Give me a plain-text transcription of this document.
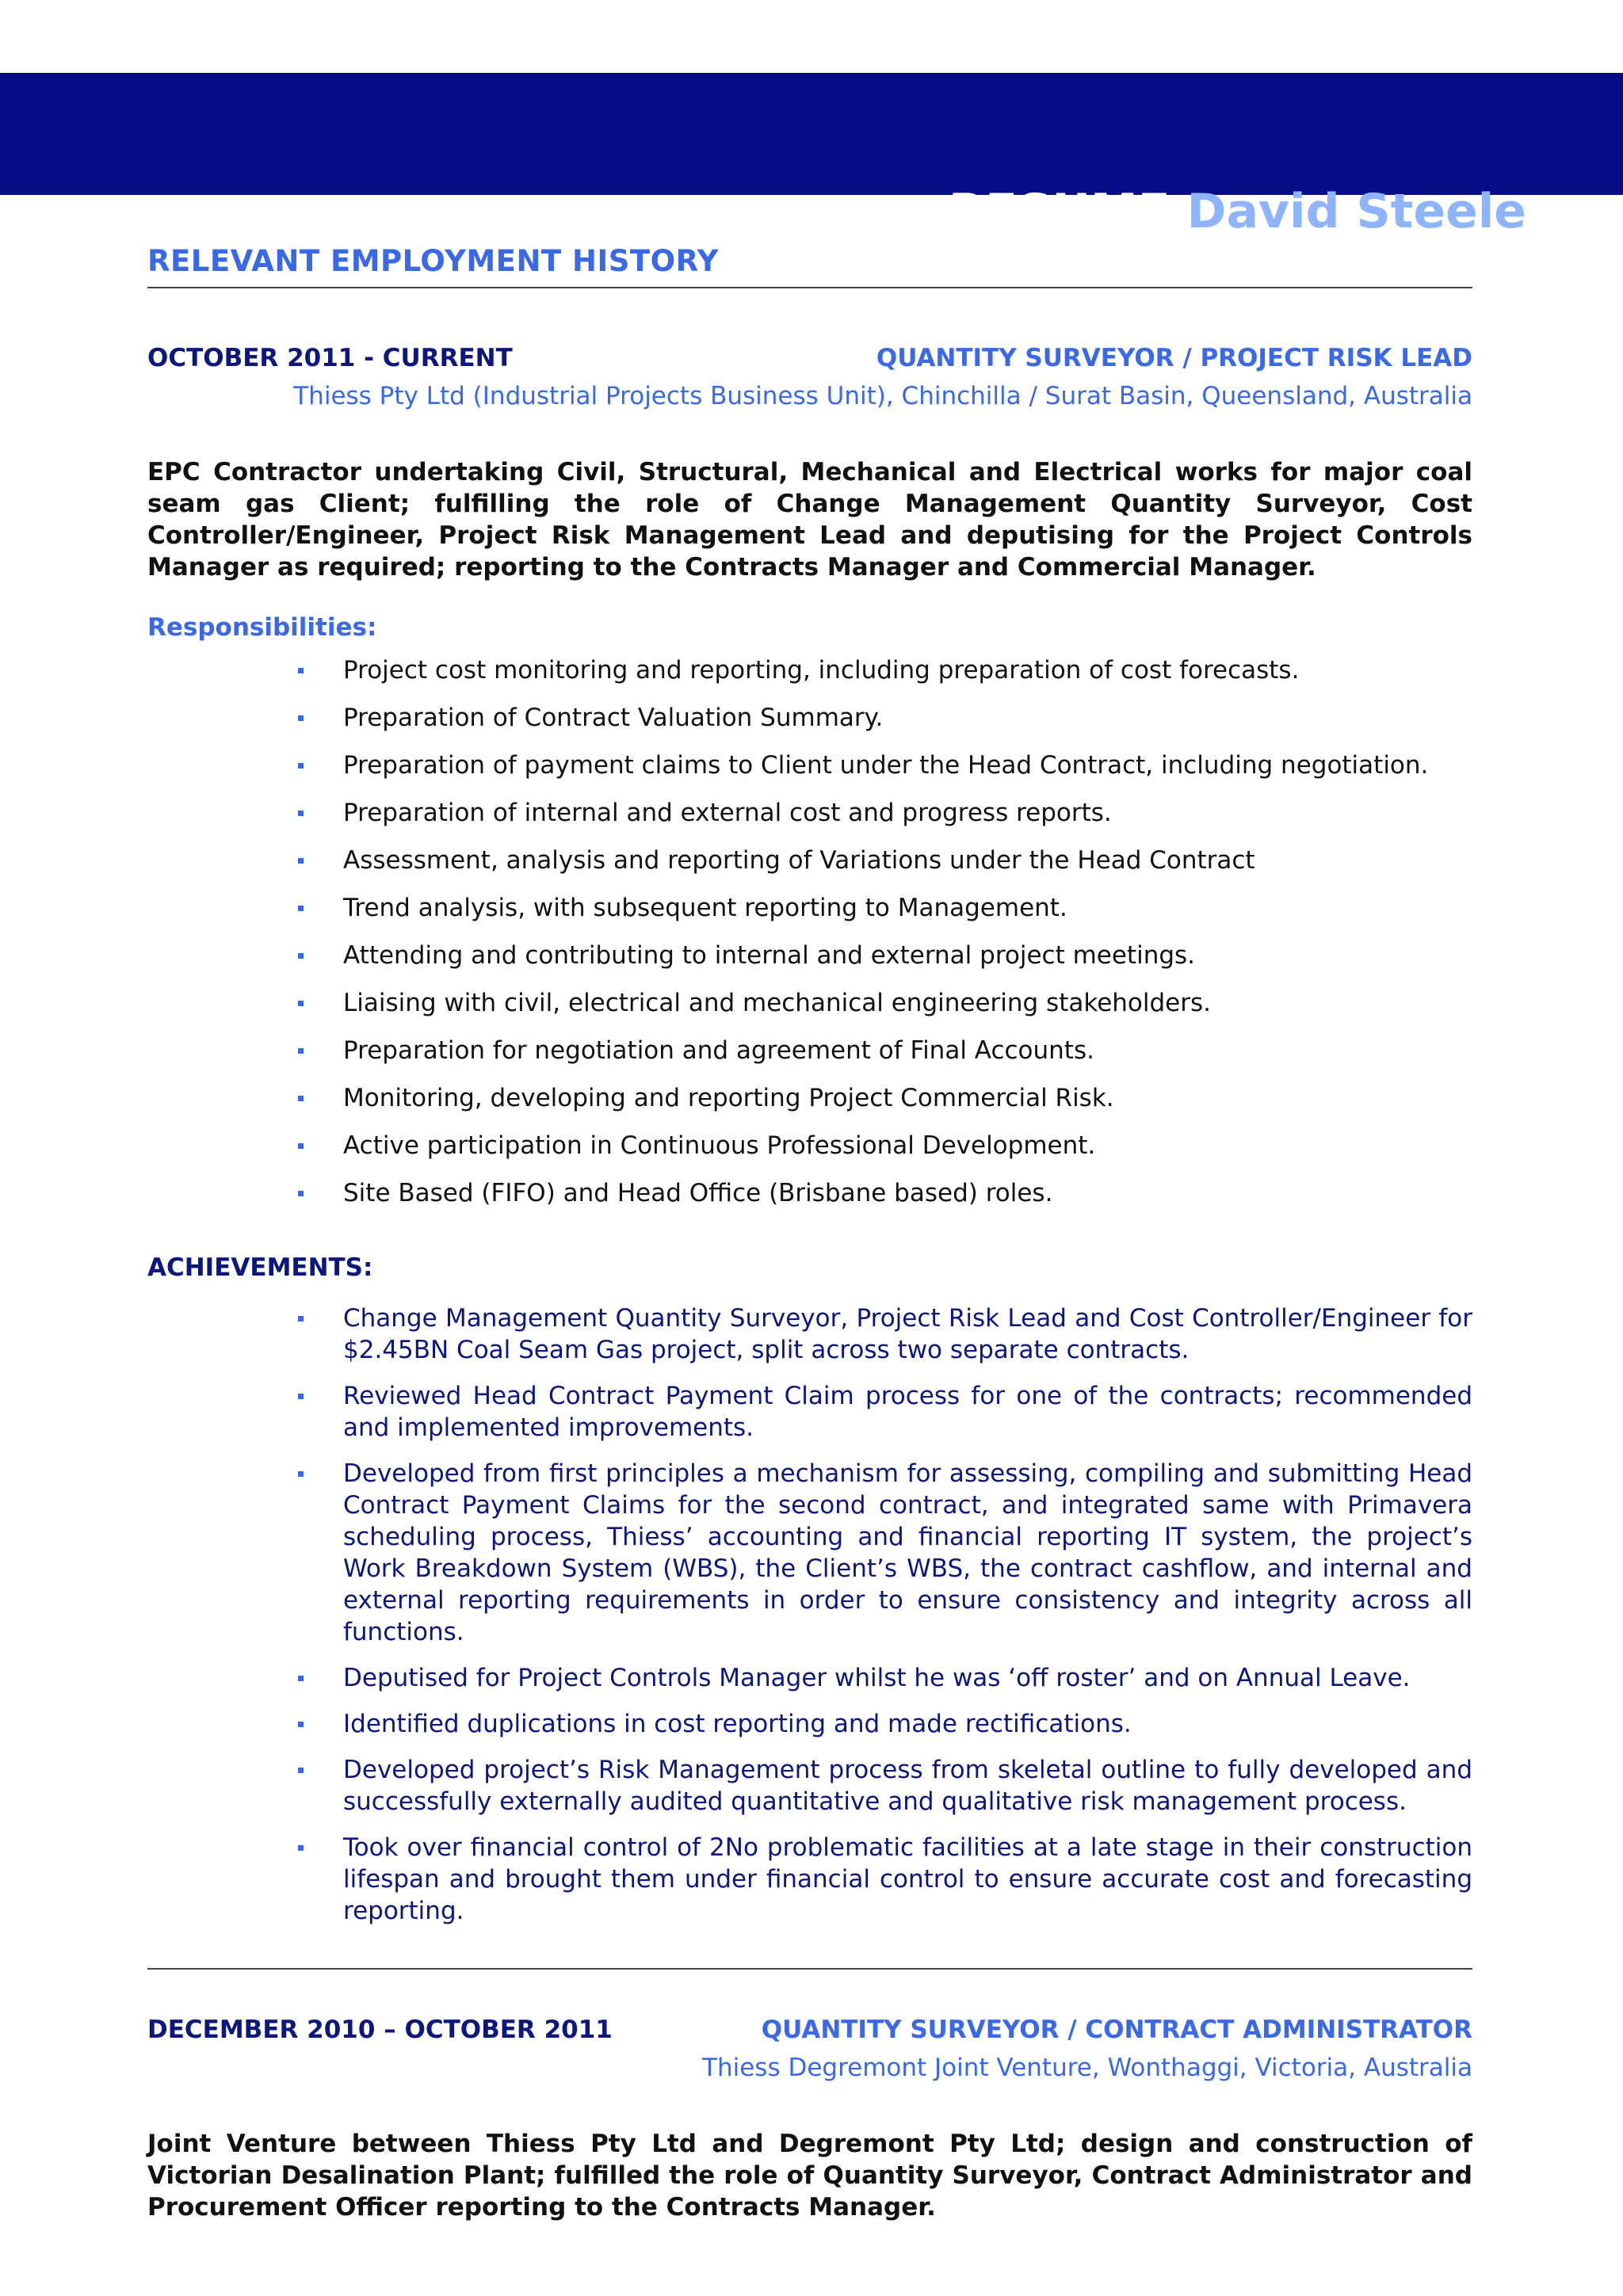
PAGE 2	RESUME David Steele
RELEVANT EMPLOYMENT HISTORY
OCTOBER 2011 - CURRENT	QUANTITY SURVEYOR / PROJECT RISK LEAD
Thiess Pty Ltd (Industrial Projects Business Unit), Chinchilla / Surat Basin, Queensland, Australia
EPC Contractor undertaking Civil, Structural, Mechanical and Electrical works for major coal seam gas Client; fulfilling the role of Change Management Quantity Surveyor, Cost Controller/Engineer, Project Risk Management Lead and deputising for the Project Controls Manager as required; reporting to the Contracts Manager and Commercial Manager.
Responsibilities:
Project cost monitoring and reporting, including preparation of cost forecasts.
Preparation of Contract Valuation Summary.
Preparation of payment claims to Client under the Head Contract, including negotiation.
Preparation of internal and external cost and progress reports.
Assessment, analysis and reporting of Variations under the Head Contract
Trend analysis, with subsequent reporting to Management.
Attending and contributing to internal and external project meetings.
Liaising with civil, electrical and mechanical engineering stakeholders.
Preparation for negotiation and agreement of Final Accounts.
Monitoring, developing and reporting Project Commercial Risk.
Active participation in Continuous Professional Development.
Site Based (FIFO) and Head Office (Brisbane based) roles.
ACHIEVEMENTS:
Change Management Quantity Surveyor, Project Risk Lead and Cost Controller/Engineer for $2.45BN Coal Seam Gas project, split across two separate contracts.
Reviewed Head Contract Payment Claim process for one of the contracts; recommended and implemented improvements.
Developed from first principles a mechanism for assessing, compiling and submitting Head Contract Payment Claims for the second contract, and integrated same with Primavera scheduling process, Thiess’ accounting and financial reporting IT system, the project’s Work Breakdown System (WBS), the Client’s WBS, the contract cashflow, and internal and external reporting requirements in order to ensure consistency and integrity across all functions.
Deputised for Project Controls Manager whilst he was ‘off roster’ and on Annual Leave.
Identified duplications in cost reporting and made rectifications.
Developed project’s Risk Management process from skeletal outline to fully developed and successfully externally audited quantitative and qualitative risk management process.
Took over financial control of 2No problematic facilities at a late stage in their construction lifespan and brought them under financial control to ensure accurate cost and forecasting reporting.
DECEMBER 2010 – OCTOBER 2011	QUANTITY SURVEYOR / CONTRACT ADMINISTRATOR
Thiess Degremont Joint Venture, Wonthaggi, Victoria, Australia
Joint Venture between Thiess Pty Ltd and Degremont Pty Ltd; design and construction of Victorian Desalination Plant; fulfilled the role of Quantity Surveyor, Contract Administrator and Procurement Officer reporting to the Contracts Manager.
